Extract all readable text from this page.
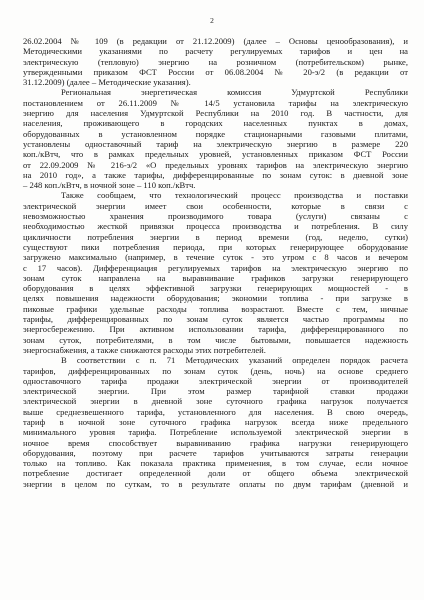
2
26.02.2004 № 109 (в редакции от 21.12.2009) (далее – Основы ценообразования), и
Методическими указаниями по расчету регулируемых тарифов и цен на
электрическую (тепловую) энергию на розничном (потребительском) рынке,
утвержденными приказом ФСТ России от 06.08.2004 № 20-э/2 (в редакции от
31.12.2009) (далее – Методические указания).
Региональная энергетическая комиссия Удмуртской Республики
постановлением от 26.11.2009 № 14/5 установила тарифы на электрическую
энергию для населения Удмуртской Республики на 2010 год. В частности, для
населения, проживающего в городских населенных пунктах в домах,
оборудованных в установленном порядке стационарными газовыми плитами,
установлены одноставочный тариф на электрическую энергию в размере 220
коп./кВтч, что в рамках предельных уровней, установленных приказом ФСТ России
от 22.09.2009 № 216-э/2 «О предельных уровнях тарифов на электрическую энергию
на 2010 год», а также тарифы, дифференцированные по зонам суток: в дневной зоне
– 248 коп./кВтч, в ночной зоне – 110 коп./кВтч.
Также сообщаем, что технологический процесс производства и поставки
электрической энергии имеет свои особенности, которые в связи с
невозможностью хранения производимого товара (услуги) связаны с
необходимостью жесткой привязки процесса производства и потребления. В силу
цикличности потребления энергии в период времени (год, неделю, сутки)
существуют пики потребления периода, при которых генерирующее оборудование
загружено максимально (например, в течение суток - это утром с 8 часов и вечером
с 17 часов). Дифференциация регулируемых тарифов на электрическую энергию по
зонам суток направлена на выравнивание графиков загрузки генерирующего
оборудования в целях эффективной загрузки генерирующих мощностей - в
целях повышения надежности оборудования; экономии топлива - при загрузке в
пиковые графики удельные расходы топлива возрастают. Вместе с тем, ничные
тарифы, дифференцированных по зонам суток является частью программы по
энергосбережению. При активном использовании тарифа, дифференцированного по
зонам суток, потребителями, в том числе бытовыми, повышается надежность
энергоснабжения, а также снижаются расходы этих потребителей.
В соответствии с п. 71 Методических указаний определен порядок расчета
тарифов, дифференцированных по зонам суток (день, ночь) на основе среднего
одноставочного тарифа продажи электрической энергии от производителей
электрической энергии. При этом размер тарифной ставки продажи
электрической энергии в дневной зоне суточного графика нагрузок получается
выше среднезвешенного тарифа, установленного для населения. В свою очередь,
тариф в ночной зоне суточного графика нагрузок всегда ниже предельного
минимального уровня тарифа. Потребление используемой электрической энергии в
ночное время способствует выравниванию графика нагрузки генерирующего
оборудования, поэтому при расчете тарифов учитываются затраты генерации
только на топливо. Как показала практика применения, в том случае, если ночное
потребление достигает определенной доли от общего объема электрической
энергии в целом по суткам, то в результате оплаты по двум тарифам (дневной и
